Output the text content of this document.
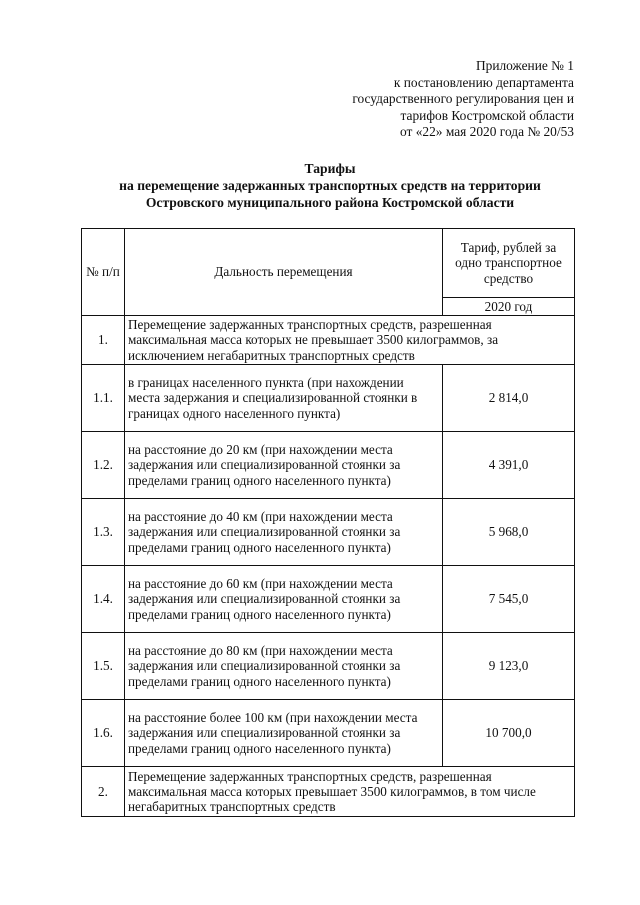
Приложение № 1
к постановлению департамента
государственного регулирования цен и
тарифов Костромской области
от «22» мая 2020 года № 20/53
Тарифы
на перемещение задержанных транспортных средств на территории
Островского муниципального района Костромской области
№ п/п	Дальность перемещения	Тариф, рублей за одно транспортное средство
		2020 год
1.	Перемещение задержанных транспортных средств, разрешенная максимальная масса которых не превышает 3500 килограммов, за исключением негабаритных транспортных средств	
1.1.	в границах населенного пункта (при нахождении места задержания и специализированной стоянки в границах одного населенного пункта)	2 814,0
1.2.	на расстояние до 20 км (при нахождении места задержания или специализированной стоянки за пределами границ одного населенного пункта)	4 391,0
1.3.	на расстояние до 40 км (при нахождении места задержания или специализированной стоянки за пределами границ одного населенного пункта)	5 968,0
1.4.	на расстояние до 60 км (при нахождении места задержания или специализированной стоянки за пределами границ одного населенного пункта)	7 545,0
1.5.	на расстояние до 80 км (при нахождении места задержания или специализированной стоянки за пределами границ одного населенного пункта)	9 123,0
1.6.	на расстояние более 100 км (при нахождении места задержания или специализированной стоянки за пределами границ одного населенного пункта)	10 700,0
2.	Перемещение задержанных транспортных средств, разрешенная максимальная масса которых превышает 3500 килограммов, в том числе негабаритных транспортных средств	
